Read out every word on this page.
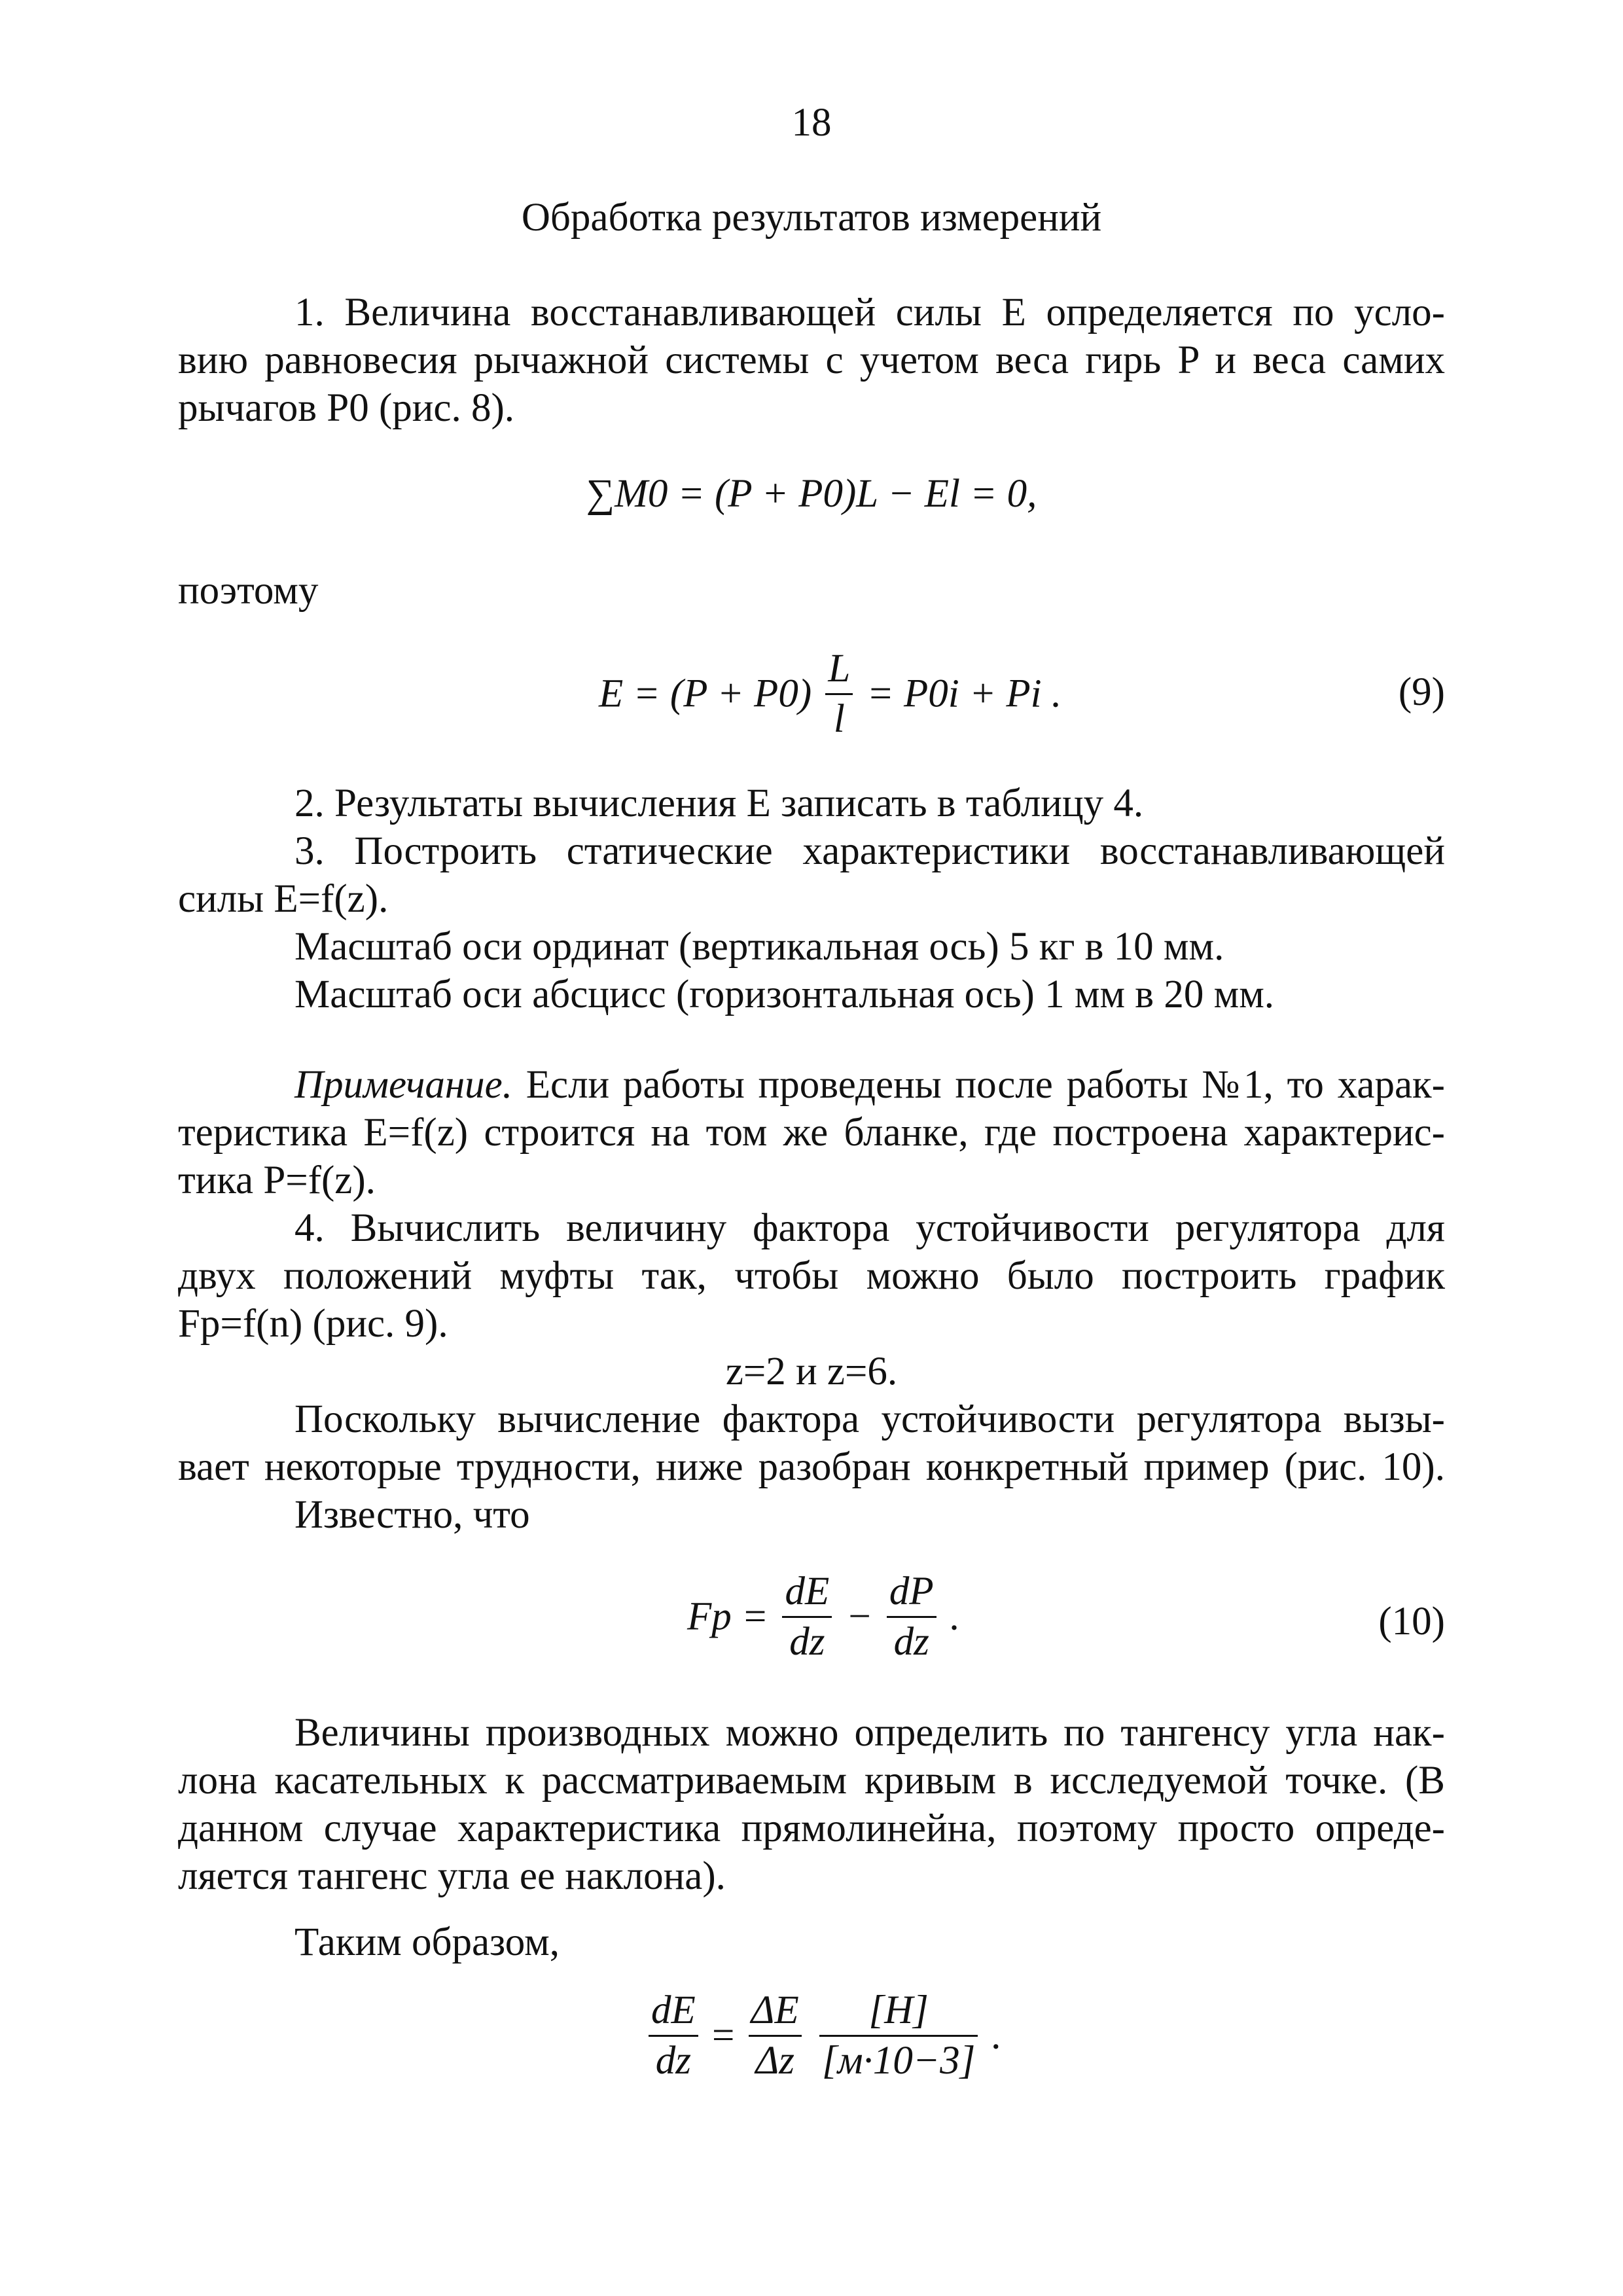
18
Обработка результатов измерений
1. Величина восстанавливающей силы E определяется по усло-
вию равновесия рычажной системы с учетом веса гирь P и веса самих
рычагов P0 (рис. 8).
∑M0 = (P + P0)L − El = 0,
поэтому
$E = (P + P0) \frac{L}{l} = P0i + Pi$ .	(9)
2. Результаты вычисления E записать в таблицу 4.
3. Построить статические характеристики восстанавливающей
силы E=f(z).
Масштаб оси ординат (вертикальная ось) 5 кг в 10 мм.
Масштаб оси абсцисс (горизонтальная ось) 1 мм в 20 мм.
Примечание. Если работы проведены после работы №1, то харак-
теристика E=f(z) строится на том же бланке, где построена характерис-
тика P=f(z).
4. Вычислить величину фактора устойчивости регулятора для
двух положений муфты так, чтобы можно было построить график
Fр=f(n) (рис. 9).
z=2 и z=6.
Поскольку вычисление фактора устойчивости регулятора вызы-
вает некоторые трудности, ниже разобран конкретный пример (рис. 10).
Известно, что
Fр = $\frac{dE}{dz} - \frac{dP}{dz}$ .	(10)
Величины производных можно определить по тангенсу угла нак-
лона касательных к рассматриваемым кривым в исследуемой точке. (В
данном случае характеристика прямолинейна, поэтому просто опреде-
ляется тангенс угла ее наклона).
Таким образом,
$\frac{dE}{dz} = \frac{\Delta E}{\Delta z}$
$\frac{[H]}{[м\cdot 10-3]}$ .
